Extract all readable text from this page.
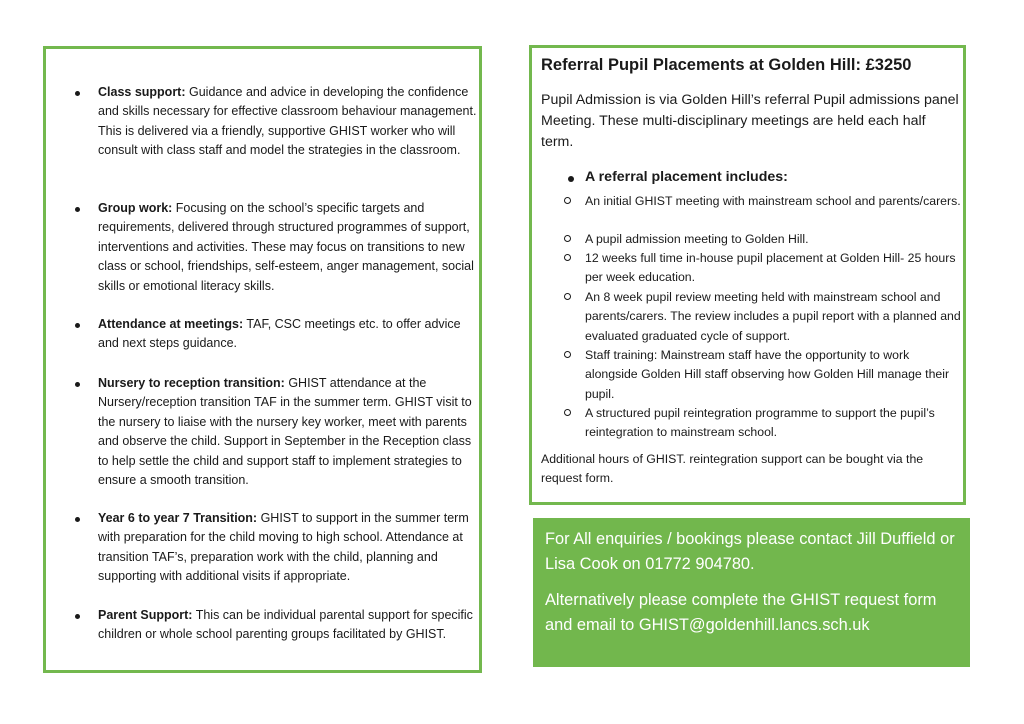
Class support: Guidance and advice in developing the confidence and skills necessary for effective classroom behaviour management. This is delivered via a friendly, supportive GHIST worker who will consult with class staff and model the strategies in the classroom.
Group work: Focusing on the school’s specific targets and requirements, delivered through structured programmes of support, interventions and activities. These may focus on transitions to new class or school, friendships, self-esteem, anger management, social skills or emotional literacy skills.
Attendance at meetings: TAF, CSC meetings etc. to offer advice and next steps guidance.
Nursery to reception transition: GHIST attendance at the Nursery/reception transition TAF in the summer term. GHIST visit to the nursery to liaise with the nursery key worker, meet with parents and observe the child. Support in September in the Reception class to help settle the child and support staff to implement strategies to ensure a smooth transition.
Year 6 to year 7 Transition: GHIST to support in the summer term with preparation for the child moving to high school. Attendance at transition TAF’s, preparation work with the child, planning and supporting with additional visits if appropriate.
Parent Support: This can be individual parental support for specific children or whole school parenting groups facilitated by GHIST.
Referral Pupil Placements at Golden Hill: £3250
Pupil Admission is via Golden Hill’s referral Pupil admissions panel Meeting. These multi-disciplinary meetings are held each half term.
A referral placement includes:
An initial GHIST meeting with mainstream school and parents/carers.
A pupil admission meeting to Golden Hill.
12 weeks full time in-house pupil placement at Golden Hill- 25 hours per week education.
An 8 week pupil review meeting held with mainstream school and parents/carers. The review includes a pupil report with a planned and evaluated graduated cycle of support.
Staff training: Mainstream staff have the opportunity to work alongside Golden Hill staff observing how Golden Hill manage their pupil.
A structured pupil reintegration programme to support the pupil’s reintegration to mainstream school.
Additional hours of GHIST. reintegration support can be bought via the request form.
For All enquiries / bookings please contact Jill Duffield or Lisa Cook on 01772 904780.
Alternatively please complete the GHIST request form and email to GHIST@goldenhill.lancs.sch.uk
